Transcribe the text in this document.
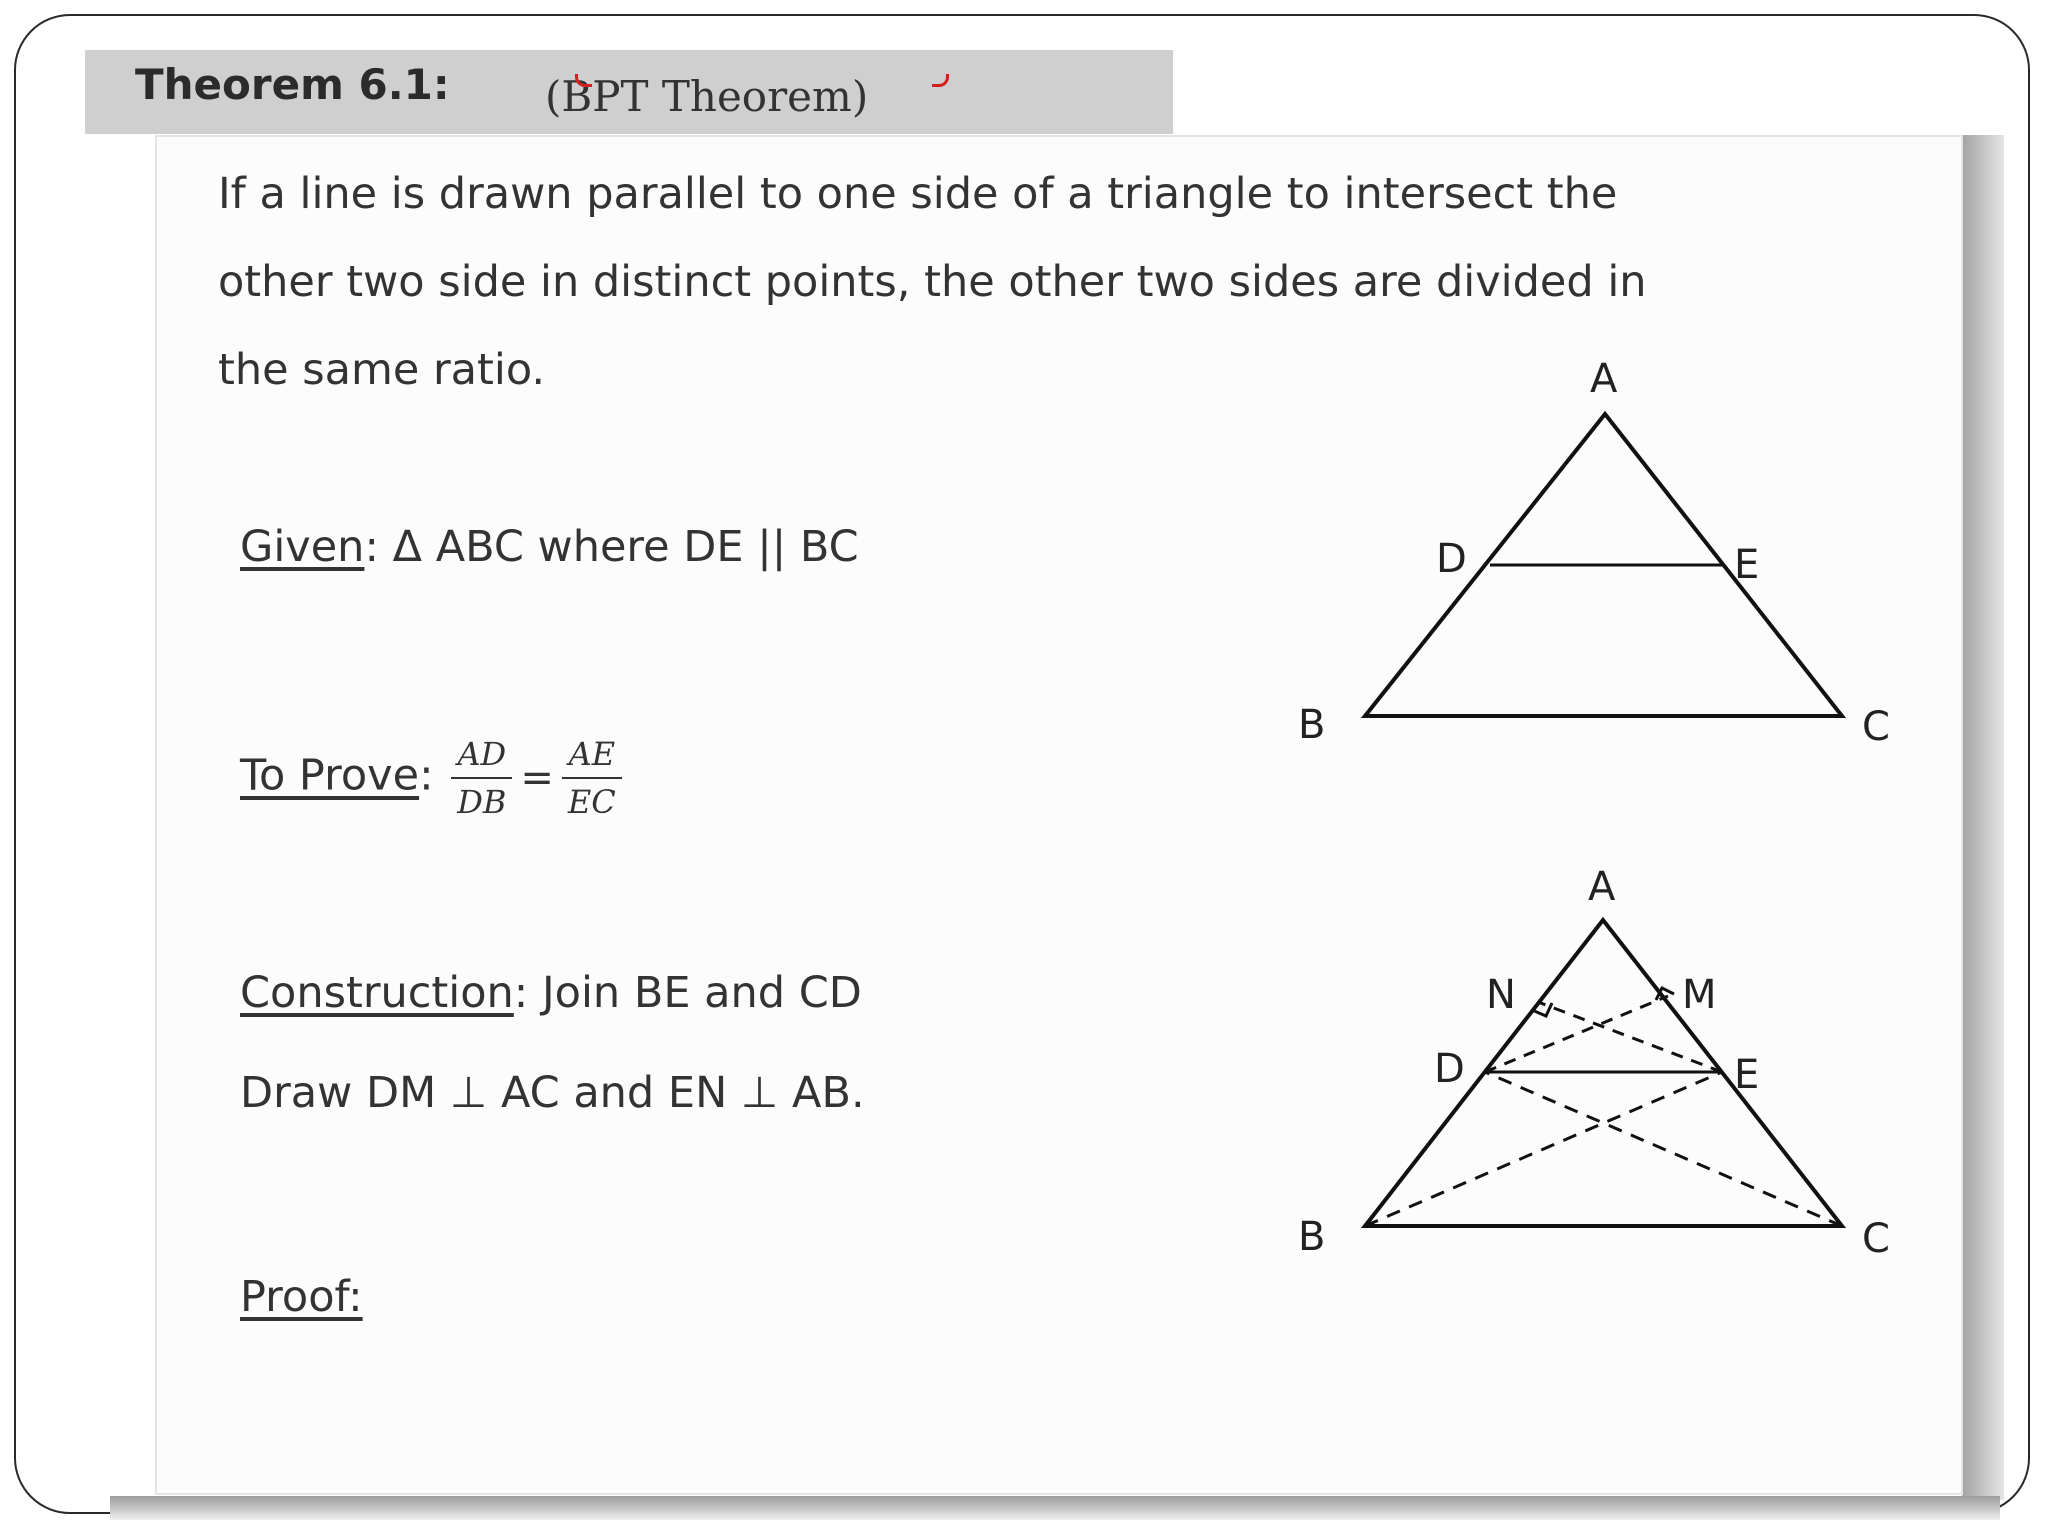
Theorem 6.1: (BPT Theorem)
If a line is drawn parallel to one side of a triangle to intersect the
other two side in distinct points, the other two sides are divided in
the same ratio.
Given: Δ ABC where DE || BC
To Prove: $\frac{AD}{DB} = \frac{AE}{EC}$
Construction: Join BE and CD
Draw DM ⊥ AC and EN ⊥ AB.
Proof:
A
B	C
D	E
A
B	C
D	E
N	M
